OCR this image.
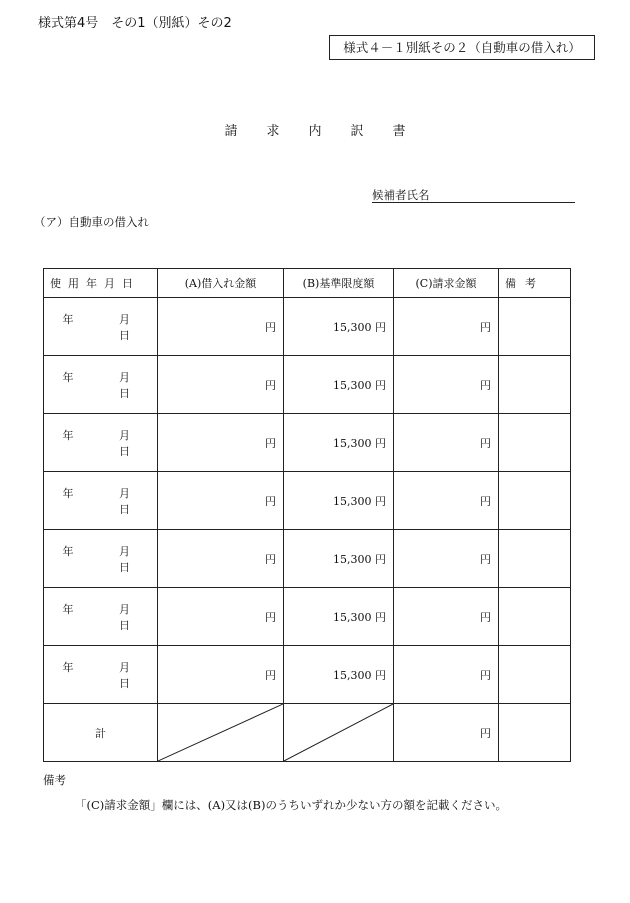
様式第4号　その1（別紙）その2
様式４－１別紙その２（自動車の借入れ）
請求内訳書
候補者氏名
（ア）自動車の借入れ
使用年月日	(A)借入れ金額	(B)基準限度額	(C)請求金額	備考
年 月 日	円	15,300 円	円	
年 月 日	円	15,300 円	円	
年 月 日	円	15,300 円	円	
年 月 日	円	15,300 円	円	
年 月 日	円	15,300 円	円	
年 月 日	円	15,300 円	円	
年 月 日	円	15,300 円	円	
計			円	
備考
「(C)請求金額」欄には、(A)又は(B)のうちいずれか少ない方の額を記載ください。
